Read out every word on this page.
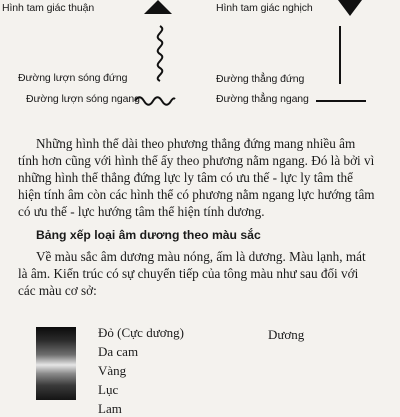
Hình tam giác thuận	Hình tam giác nghịch
Đường lượn sóng đứng	Đường thẳng đứng
Đường lượn sóng ngang	Đường thẳng ngang
Những hình thể dài theo phương thẳng đứng mang nhiều âm
tính hơn cũng với hình thể ấy theo phương nằm ngang. Đó là bởi vì
những hình thể thẳng đứng lực ly tâm có ưu thế - lực ly tâm thể
hiện tính âm còn các hình thể có phương nằm ngang lực hướng tâm
có ưu thế - lực hướng tâm thể hiện tính dương.
Bảng xếp loại âm dương theo màu sắc
Về màu sắc âm dương màu nóng, ấm là dương. Màu lạnh, mát
là âm. Kiến trúc có sự chuyển tiếp của tông màu như sau đối với
các màu cơ sở:
Đỏ (Cực dương)
Da cam
Vàng
Lục
Lam
Dương
